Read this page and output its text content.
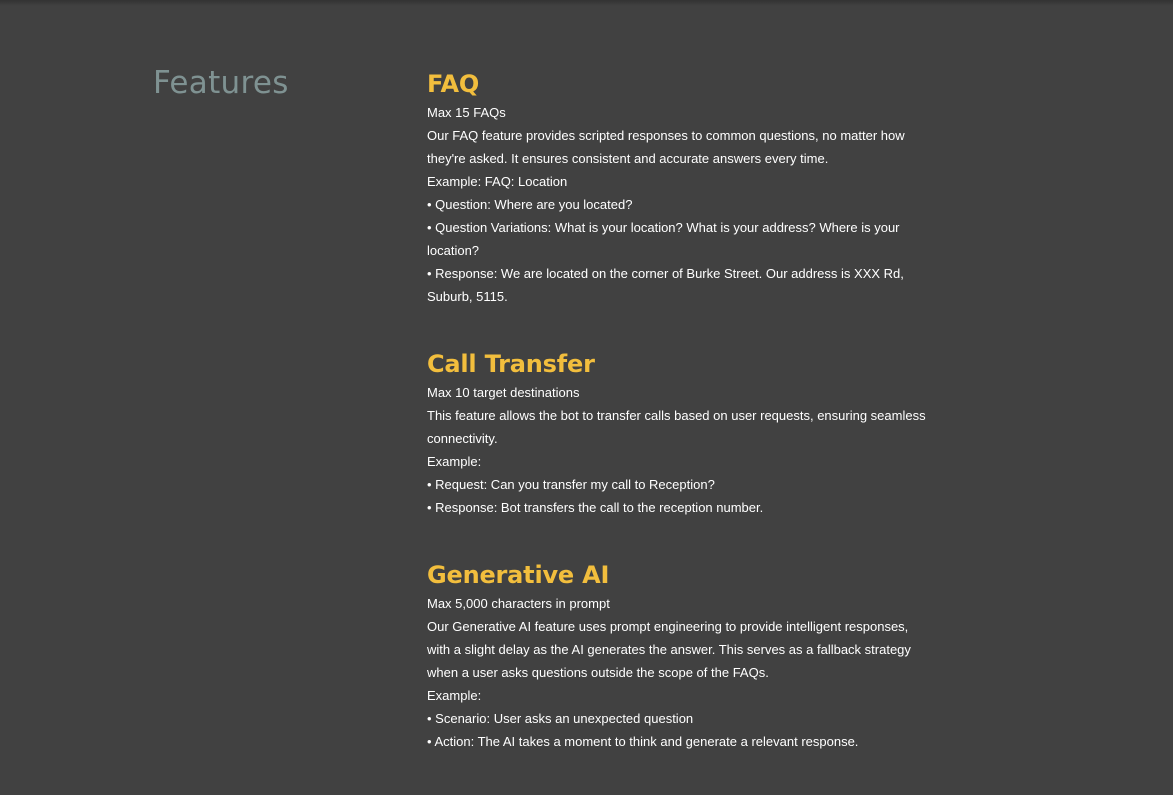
Features	FAQ

Max 15 FAQs

Our FAQ feature provides scripted responses to common questions, no matter how they're asked. It ensures consistent and accurate answers every time.

Example: FAQ: Location

• Question: Where are you located?

• Question Variations: What is your location? What is your address? Where is your location?

• Response: We are located on the corner of Burke Street. Our address is XXX Rd, Suburb, 5115.

Call Transfer

Max 10 target destinations

This feature allows the bot to transfer calls based on user requests, ensuring seamless connectivity.

Example:

• Request: Can you transfer my call to Reception?

• Response: Bot transfers the call to the reception number.

Generative AI

Max 5,000 characters in prompt

Our Generative AI feature uses prompt engineering to provide intelligent responses, with a slight delay as the AI generates the answer. This serves as a fallback strategy when a user asks questions outside the scope of the FAQs.

Example:

• Scenario: User asks an unexpected question

• Action: The AI takes a moment to think and generate a relevant response.
